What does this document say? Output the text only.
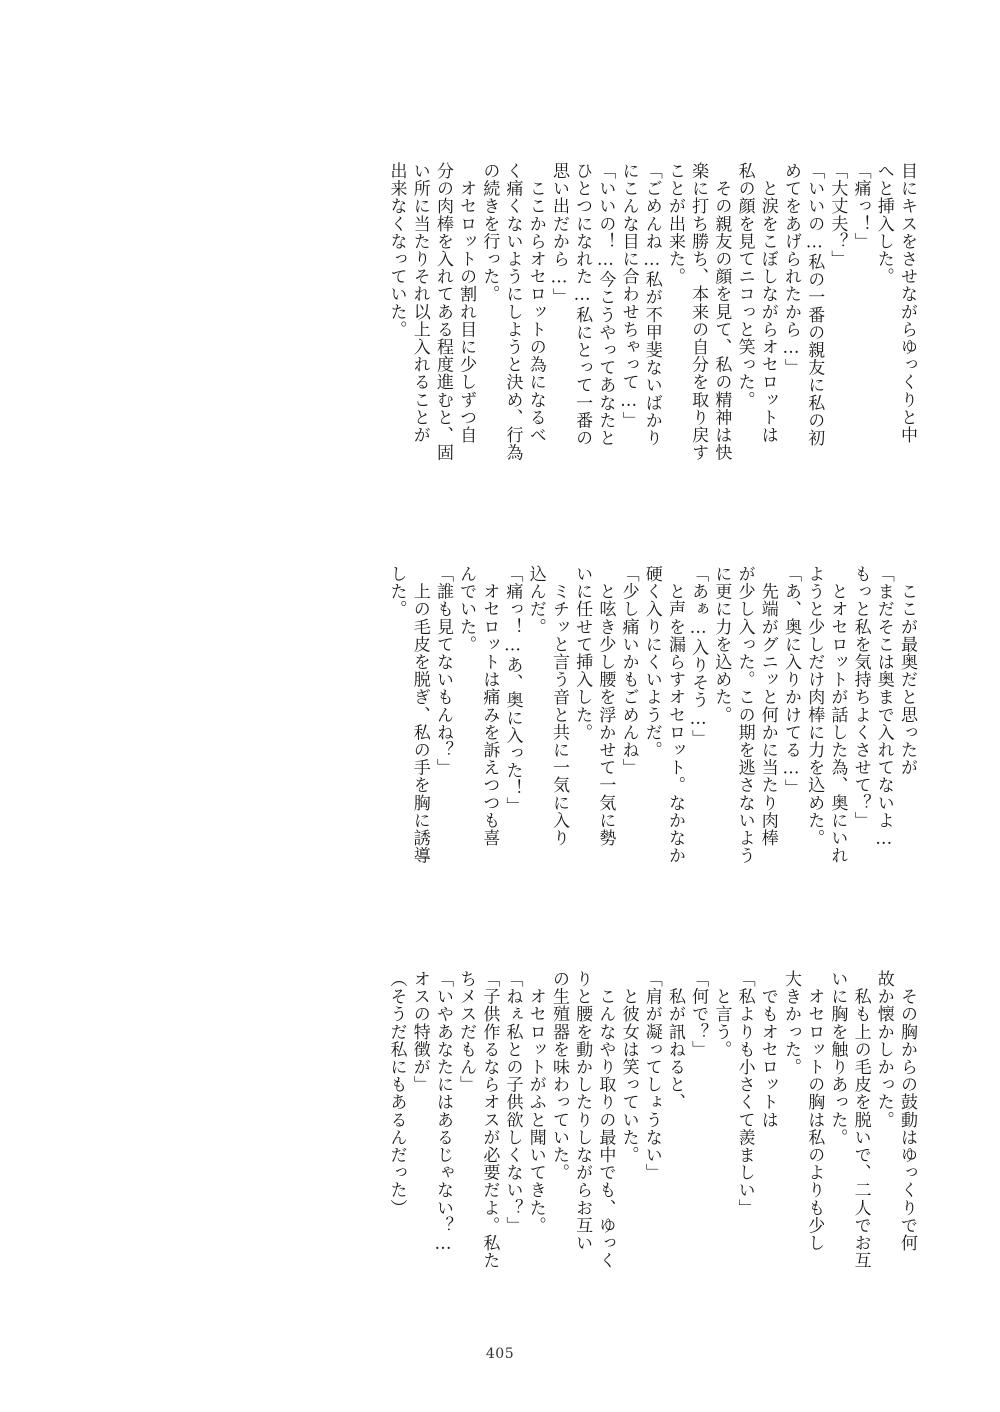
目にキスをさせながらゆっくりと中
へと挿入した。
「痛っ！」
「大丈夫？」
「いいの…私の一番の親友に私の初
めてをあげられたから…」
　と涙をこぼしながらオセロットは
私の顔を見てニコっと笑った。
　その親友の顔を見て、私の精神は快
楽に打ち勝ち、本来の自分を取り戻す
ことが出来た。
「ごめんね…私が不甲斐ないばかり
にこんな目に合わせちゃって…」
「いいの！…今こうやってあなたと
ひとつになれた…私にとって一番の
思い出だから…」
　ここからオセロットの為になるべ
く痛くないようにしようと決め、行為
の続きを行った。
　オセロットの割れ目に少しずつ自
分の肉棒を入れてある程度進むと、固
い所に当たりそれ以上入れることが
出来なくなっていた。
　ここが最奥だと思ったが
「まだそこは奥まで入れてないよ…
もっと私を気持ちよくさせて？」
　とオセロットが話した為、奥にいれ
ようと少しだけ肉棒に力を込めた。
「あ、奥に入りかけてる…」
　先端がグニッと何かに当たり肉棒
が少し入った。この期を逃さないよう
に更に力を込めた。
「あぁ…入りそう…」
　と声を漏らすオセロット。なかなか
硬く入りにくいようだ。
「少し痛いかもごめんね」
　と呟き少し腰を浮かせて一気に勢
いに任せて挿入した。
　ミチッと言う音と共に一気に入り
込んだ。
「痛っ！…あ、奥に入った！」
　オセロットは痛みを訴えつつも喜
んでいた。
「誰も見てないもんね？」
　上の毛皮を脱ぎ、私の手を胸に誘導
した。
　その胸からの鼓動はゆっくりで何
故か懐かしかった。
　私も上の毛皮を脱いで、二人でお互
いに胸を触りあった。
　オセロットの胸は私のよりも少し
大きかった。
　でもオセロットは
「私よりも小さくて羨ましい」
　と言う。
「何で？」
　私が訊ねると、
「肩が凝ってしょうない」
　と彼女は笑っていた。
　こんなやり取りの最中でも、ゆっく
りと腰を動かしたりしながらお互い
の生殖器を味わっていた。
　オセロットがふと聞いてきた。
「ねぇ私との子供欲しくない？」
「子供作るならオスが必要だよ。私た
ちメスだもん」
「いやあなたにはあるじゃない？…
オスの特徴が」
（そうだ私にもあるんだった）
405
